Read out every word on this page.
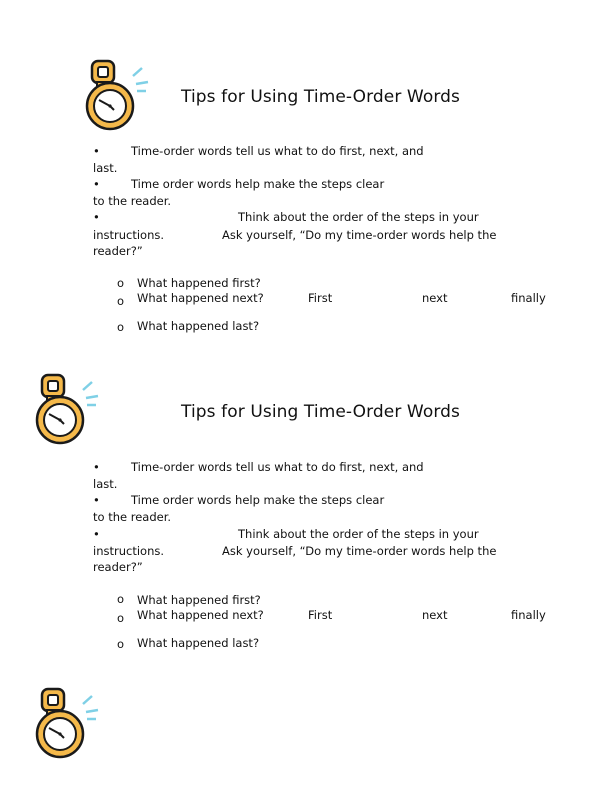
Tips for Using Time-Order Words
•	Time-order words tell us what to do first, next, and
last.
•	Time order words help make the steps clear
to the reader.
•	Think about the order of the steps in your
instructions.	Ask yourself, “Do my time-order words help the
reader?”
o What happened first?
o What happened next?	First	next	finally
o What happened last?
Tips for Using Time-Order Words
•	Time-order words tell us what to do first, next, and
last.
•	Time order words help make the steps clear
to the reader.
•	Think about the order of the steps in your
instructions.	Ask yourself, “Do my time-order words help the
reader?”
o What happened first?
o What happened next?	First	next	finally
o What happened last?
